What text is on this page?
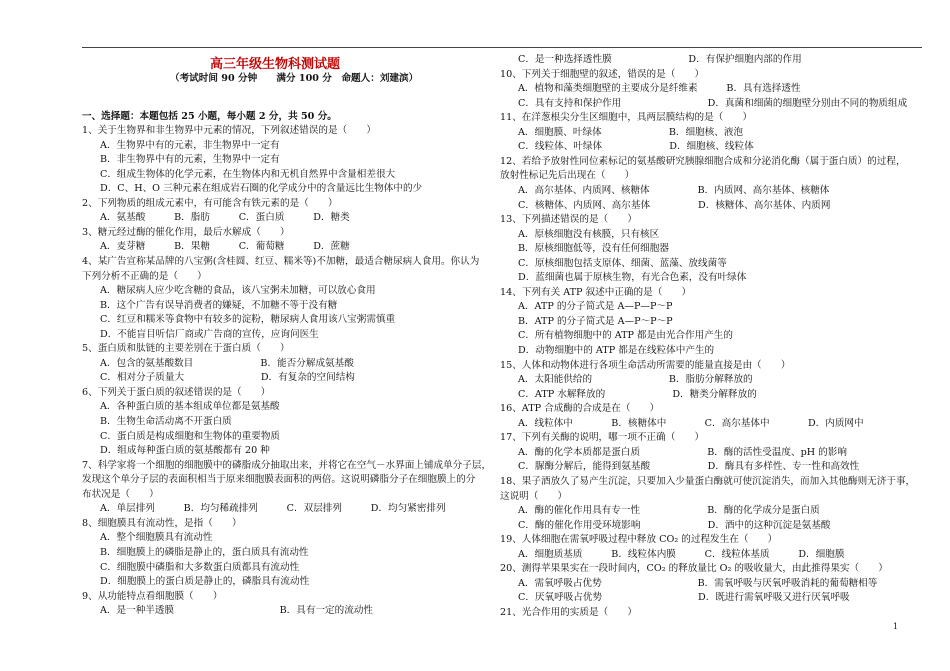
高三年级生物科测试题
（考试时间 90 分钟　　满分 100 分　命题人：刘建滨）
一、选择题：本题包括 25 小题，每小题 2 分，共 50 分。
1、关于生物界和非生物界中元素的情况，下列叙述错误的是（　　）
A．生物界中有的元素，非生物界中一定有
B．非生物界中有的元素，生物界中一定有
C．组成生物体的化学元素，在生物体内和无机自然界中含量相差很大
D．C、H、O 三种元素在组成岩石圈的化学成分中的含量远比生物体中的少
2、下列物质的组成元素中，有可能含有铁元素的是（　　）
A．氨基酸　　　B．脂肪　　　C．蛋白质　　　D．糖类
3、糖元经过酶的催化作用，最后水解成（　　）
A．麦芽糖　　　B．果糖　　　C．葡萄糖　　　D．蔗糖
4、某广告宣称某品牌的八宝粥(含桂圆、红豆、糯米等)不加糖，最适合糖尿病人食用。你认为
下列分析不正确的是（　　）
A．糖尿病人应少吃含糖的食品，该八宝粥未加糖，可以放心食用
B．这个广告有误导消费者的嫌疑，不加糖不等于没有糖
C．红豆和糯米等食物中有较多的淀粉，糖尿病人食用该八宝粥需慎重
D．不能盲目听信厂商或广告商的宣传，应询问医生
5、蛋白质和肽链的主要差别在于蛋白质（　　）
A．包含的氨基酸数目　　　　　　　B．能否分解成氨基酸
C．相对分子质量大　　　　　　　　D．有复杂的空间结构
6、下列关于蛋白质的叙述错误的是（　　）
A．各种蛋白质的基本组成单位都是氨基酸
B．生物生命活动离不开蛋白质
C．蛋白质是构成细胞和生物体的重要物质
D．组成每种蛋白质的氨基酸都有 20 种
7、科学家将一个细胞的细胞膜中的磷脂成分抽取出来，并将它在空气－水界面上铺成单分子层，
发现这个单分子层的表面积相当于原来细胞膜表面积的两倍。这说明磷脂分子在细胞膜上的分
布状况是（　　）
A．单层排列　　　B．均匀稀疏排列　　　C．双层排列　　　D．均匀紧密排列
8、细胞膜具有流动性，是指（　　）
A．整个细胞膜具有流动性
B．细胞膜上的磷脂是静止的，蛋白质具有流动性
C．细胞膜中磷脂和大多数蛋白质都具有流动性
D．细胞膜上的蛋白质是静止的，磷脂具有流动性
9、从功能特点看细胞膜（　　）
A．是一种半透膜　　　　　　　　　　　B．具有一定的流动性
C．是一种选择透性膜　　　　　　　　D．有保护细胞内部的作用
10、下列关于细胞壁的叙述，错误的是（　　）
A．植物和藻类细胞壁的主要成分是纤维素　　　B．具有选择透性
C．具有支持和保护作用　　　　　　　　　D．真菌和细菌的细胞壁分别由不同的物质组成
11、在洋葱根尖分生区细胞中，具两层膜结构的是（　　）
A．细胞膜、叶绿体　　　　　　　B．细胞核、液泡
C．线粒体、叶绿体　　　　　　　D．细胞核、线粒体
12、若给予放射性同位素标记的氨基酸研究胰腺细胞合成和分泌消化酶（属于蛋白质）的过程，
放射性标记先后出现在（　　）
A．高尔基体、内质网、核糖体　　　　　B．内质网、高尔基体、核糖体
C．核糖体、内质网、高尔基体　　　　　D．核糖体、高尔基体、内质网
13、下列描述错误的是（　　）
A．原核细胞没有核膜，只有核区
B．原核细胞低等，没有任何细胞器
C．原核细胞包括支原体、细菌、蓝藻、放线菌等
D．蓝细菌也属于原核生物，有光合色素，没有叶绿体
14、下列有关 ATP 叙述中正确的是（　　）
A．ATP 的分子简式是 A—P—P～P
B．ATP 的分子简式是 A—P～P～P
C．所有植物细胞中的 ATP 都是由光合作用产生的
D．动物细胞中的 ATP 都是在线粒体中产生的
15、人体和动物体进行各项生命活动所需要的能量直接是由（　　）
A．太阳能供给的　　　　　　　　B．脂肪分解释放的
C．ATP 水解释放的　　　　　　　D．糖类分解释放的
16、ATP 合成酶的合成是在（　　）
A．线粒体中　　　　B．核糖体中　　　　C．高尔基体中　　　　D．内质网中
17、下列有关酶的说明，哪一项不正确（　　）
A．酶的化学本质都是蛋白质　　　　　　　B．酶的活性受温度、pH 的影响
C．脲酶分解后，能得到氨基酸　　　　　　D．酶具有多样性、专一性和高效性
18、果子酒放久了易产生沉淀，只要加入少量蛋白酶就可使沉淀消失，而加入其他酶则无济于事，
这说明（　　）
A．酶的催化作用具有专一性　　　　　　　B．酶的化学成分是蛋白质
C．酶的催化作用受环境影响　　　　　　　D．酒中的这种沉淀是氨基酸
19、人体细胞在需氧呼吸过程中释放 CO₂ 的过程发生在（　　）
A．细胞质基质　　　B．线粒体内膜　　　C．线粒体基质　　　D．细胞膜
20、测得苹果果实在一段时间内，CO₂ 的释放量比 O₂ 的吸收量大，由此推得果实（　　）
A．需氧呼吸占优势　　　　　　　　　　B．需氧呼吸与厌氧呼吸消耗的葡萄糖相等
C．厌氧呼吸占优势　　　　　　　　　　D．既进行需氧呼吸又进行厌氧呼吸
21、光合作用的实质是（　　）
1
